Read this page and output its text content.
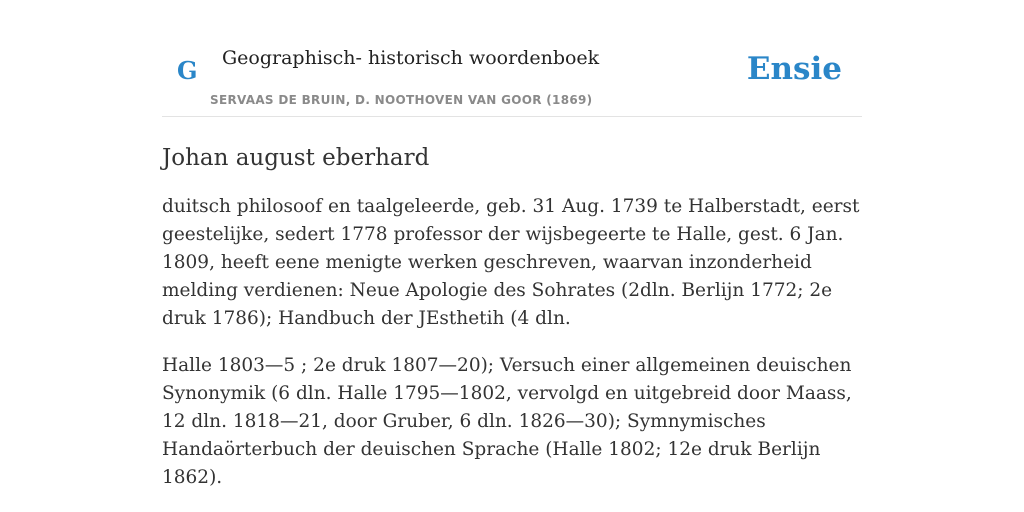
G Geographisch- historisch woordenboek
SERVAAS DE BRUIN, D. NOOTHOVEN VAN GOOR (1869)
Ensie
Johan august eberhard

duitsch philosoof en taalgeleerde, geb. 31 Aug. 1739 te Halberstadt, eerst geestelijke, sedert 1778 professor der wijsbegeerte te Halle, gest. 6 Jan. 1809, heeft eene menigte werken geschreven, waarvan inzonderheid melding verdienen: Neue Apologie des Sohrates (2dln. Berlijn 1772; 2e druk 1786); Handbuch der JEsthetih (4 dln.

Halle 1803—5 ; 2e druk 1807—20); Versuch einer allgemeinen deuischen Synonymik (6 dln. Halle 1795—1802, vervolgd en uitgebreid door Maass, 12 dln. 1818—21, door Gruber, 6 dln. 1826—30); Symnymisches Handaörterbuch der deuischen Sprache (Halle 1802; 12e druk Berlijn 1862).
